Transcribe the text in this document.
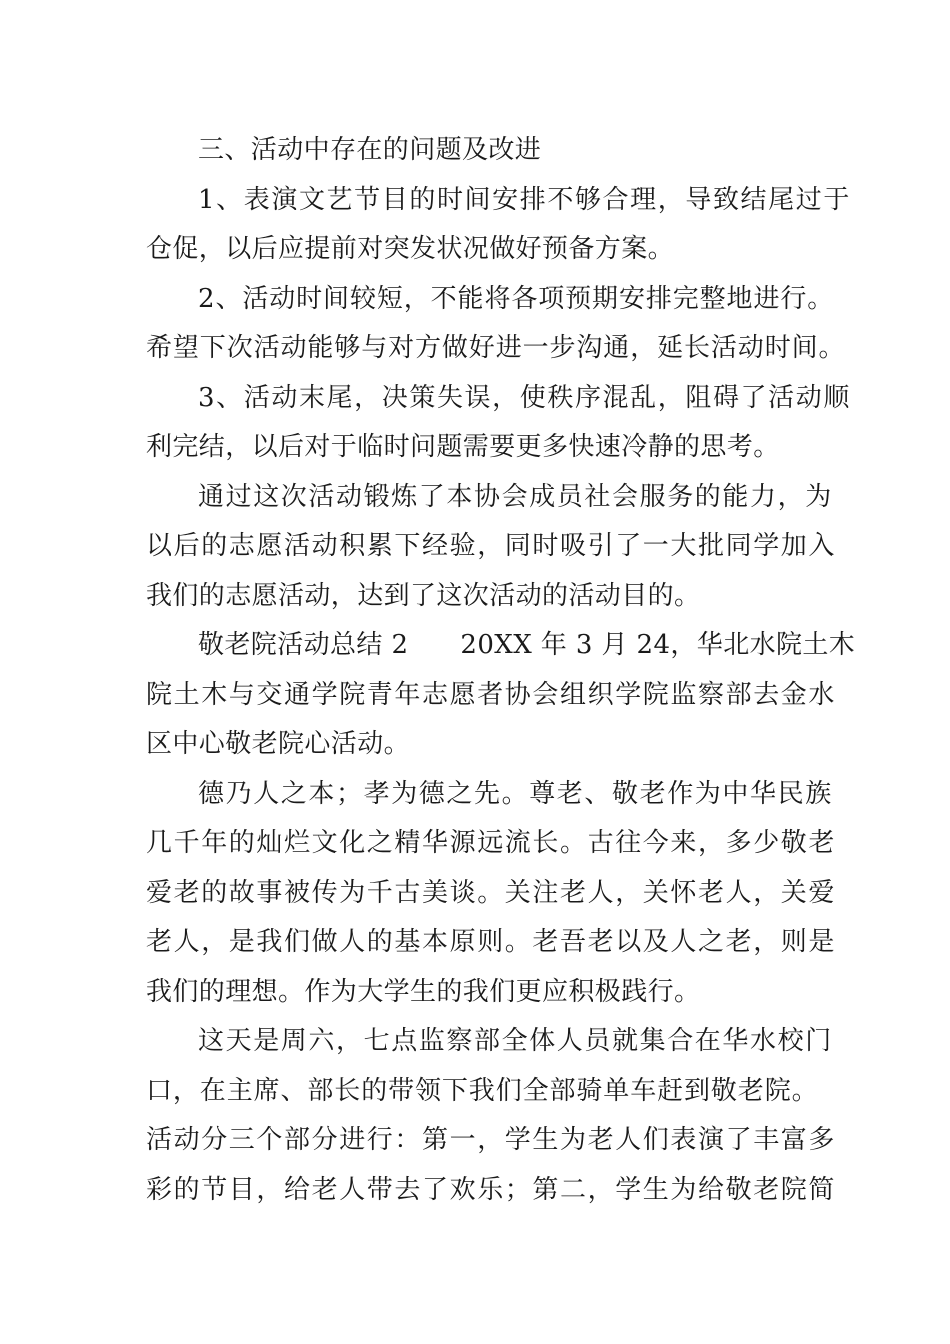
三、活动中存在的问题及改进
1、表演文艺节目的时间安排不够合理，导致结尾过于
仓促，以后应提前对突发状况做好预备方案。
2、活动时间较短，不能将各项预期安排完整地进行。
希望下次活动能够与对方做好进一步沟通，延长活动时间。
3、活动末尾，决策失误，使秩序混乱，阻碍了活动顺
利完结，以后对于临时问题需要更多快速冷静的思考。
通过这次活动锻炼了本协会成员社会服务的能力，为
以后的志愿活动积累下经验，同时吸引了一大批同学加入
我们的志愿活动，达到了这次活动的活动目的。
敬老院活动总结 2 20XX 年 3 月 24，华北水院土木
院土木与交通学院青年志愿者协会组织学院监察部去金水
区中心敬老院心活动。
德乃人之本；孝为德之先。尊老、敬老作为中华民族
几千年的灿烂文化之精华源远流长。古往今来，多少敬老
爱老的故事被传为千古美谈。关注老人，关怀老人，关爱
老人，是我们做人的基本原则。老吾老以及人之老，则是
我们的理想。作为大学生的我们更应积极践行。
这天是周六，七点监察部全体人员就集合在华水校门
口，在主席、部长的带领下我们全部骑单车赶到敬老院。
活动分三个部分进行：第一，学生为老人们表演了丰富多
彩的节目，给老人带去了欢乐；第二，学生为给敬老院简
